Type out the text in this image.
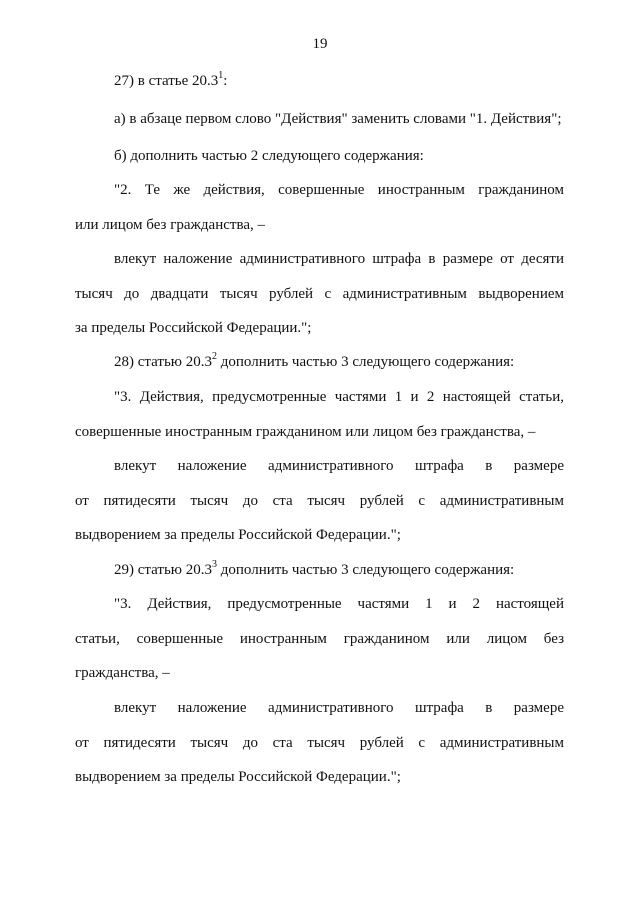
19
27) в статье 20.3$^1$:
а) в абзаце первом слово "Действия" заменить словами "1. Действия";
б) дополнить частью 2 следующего содержания:
"2. Те же действия, совершенные иностранным гражданином
или лицом без гражданства, –
влекут наложение административного штрафа в размере от десяти
тысяч до двадцати тысяч рублей с административным выдворением
за пределы Российской Федерации.";
28) статью 20.3$^2$ дополнить частью 3 следующего содержания:
"3. Действия, предусмотренные частями 1 и 2 настоящей статьи,
совершенные иностранным гражданином или лицом без гражданства, –
влекут наложение административного штрафа в размере
от пятидесяти тысяч до ста тысяч рублей с административным
выдворением за пределы Российской Федерации.";
29) статью 20.3$^3$ дополнить частью 3 следующего содержания:
"3. Действия, предусмотренные частями 1 и 2 настоящей
статьи, совершенные иностранным гражданином или лицом без
гражданства, –
влекут наложение административного штрафа в размере
от пятидесяти тысяч до ста тысяч рублей с административным
выдворением за пределы Российской Федерации.";
